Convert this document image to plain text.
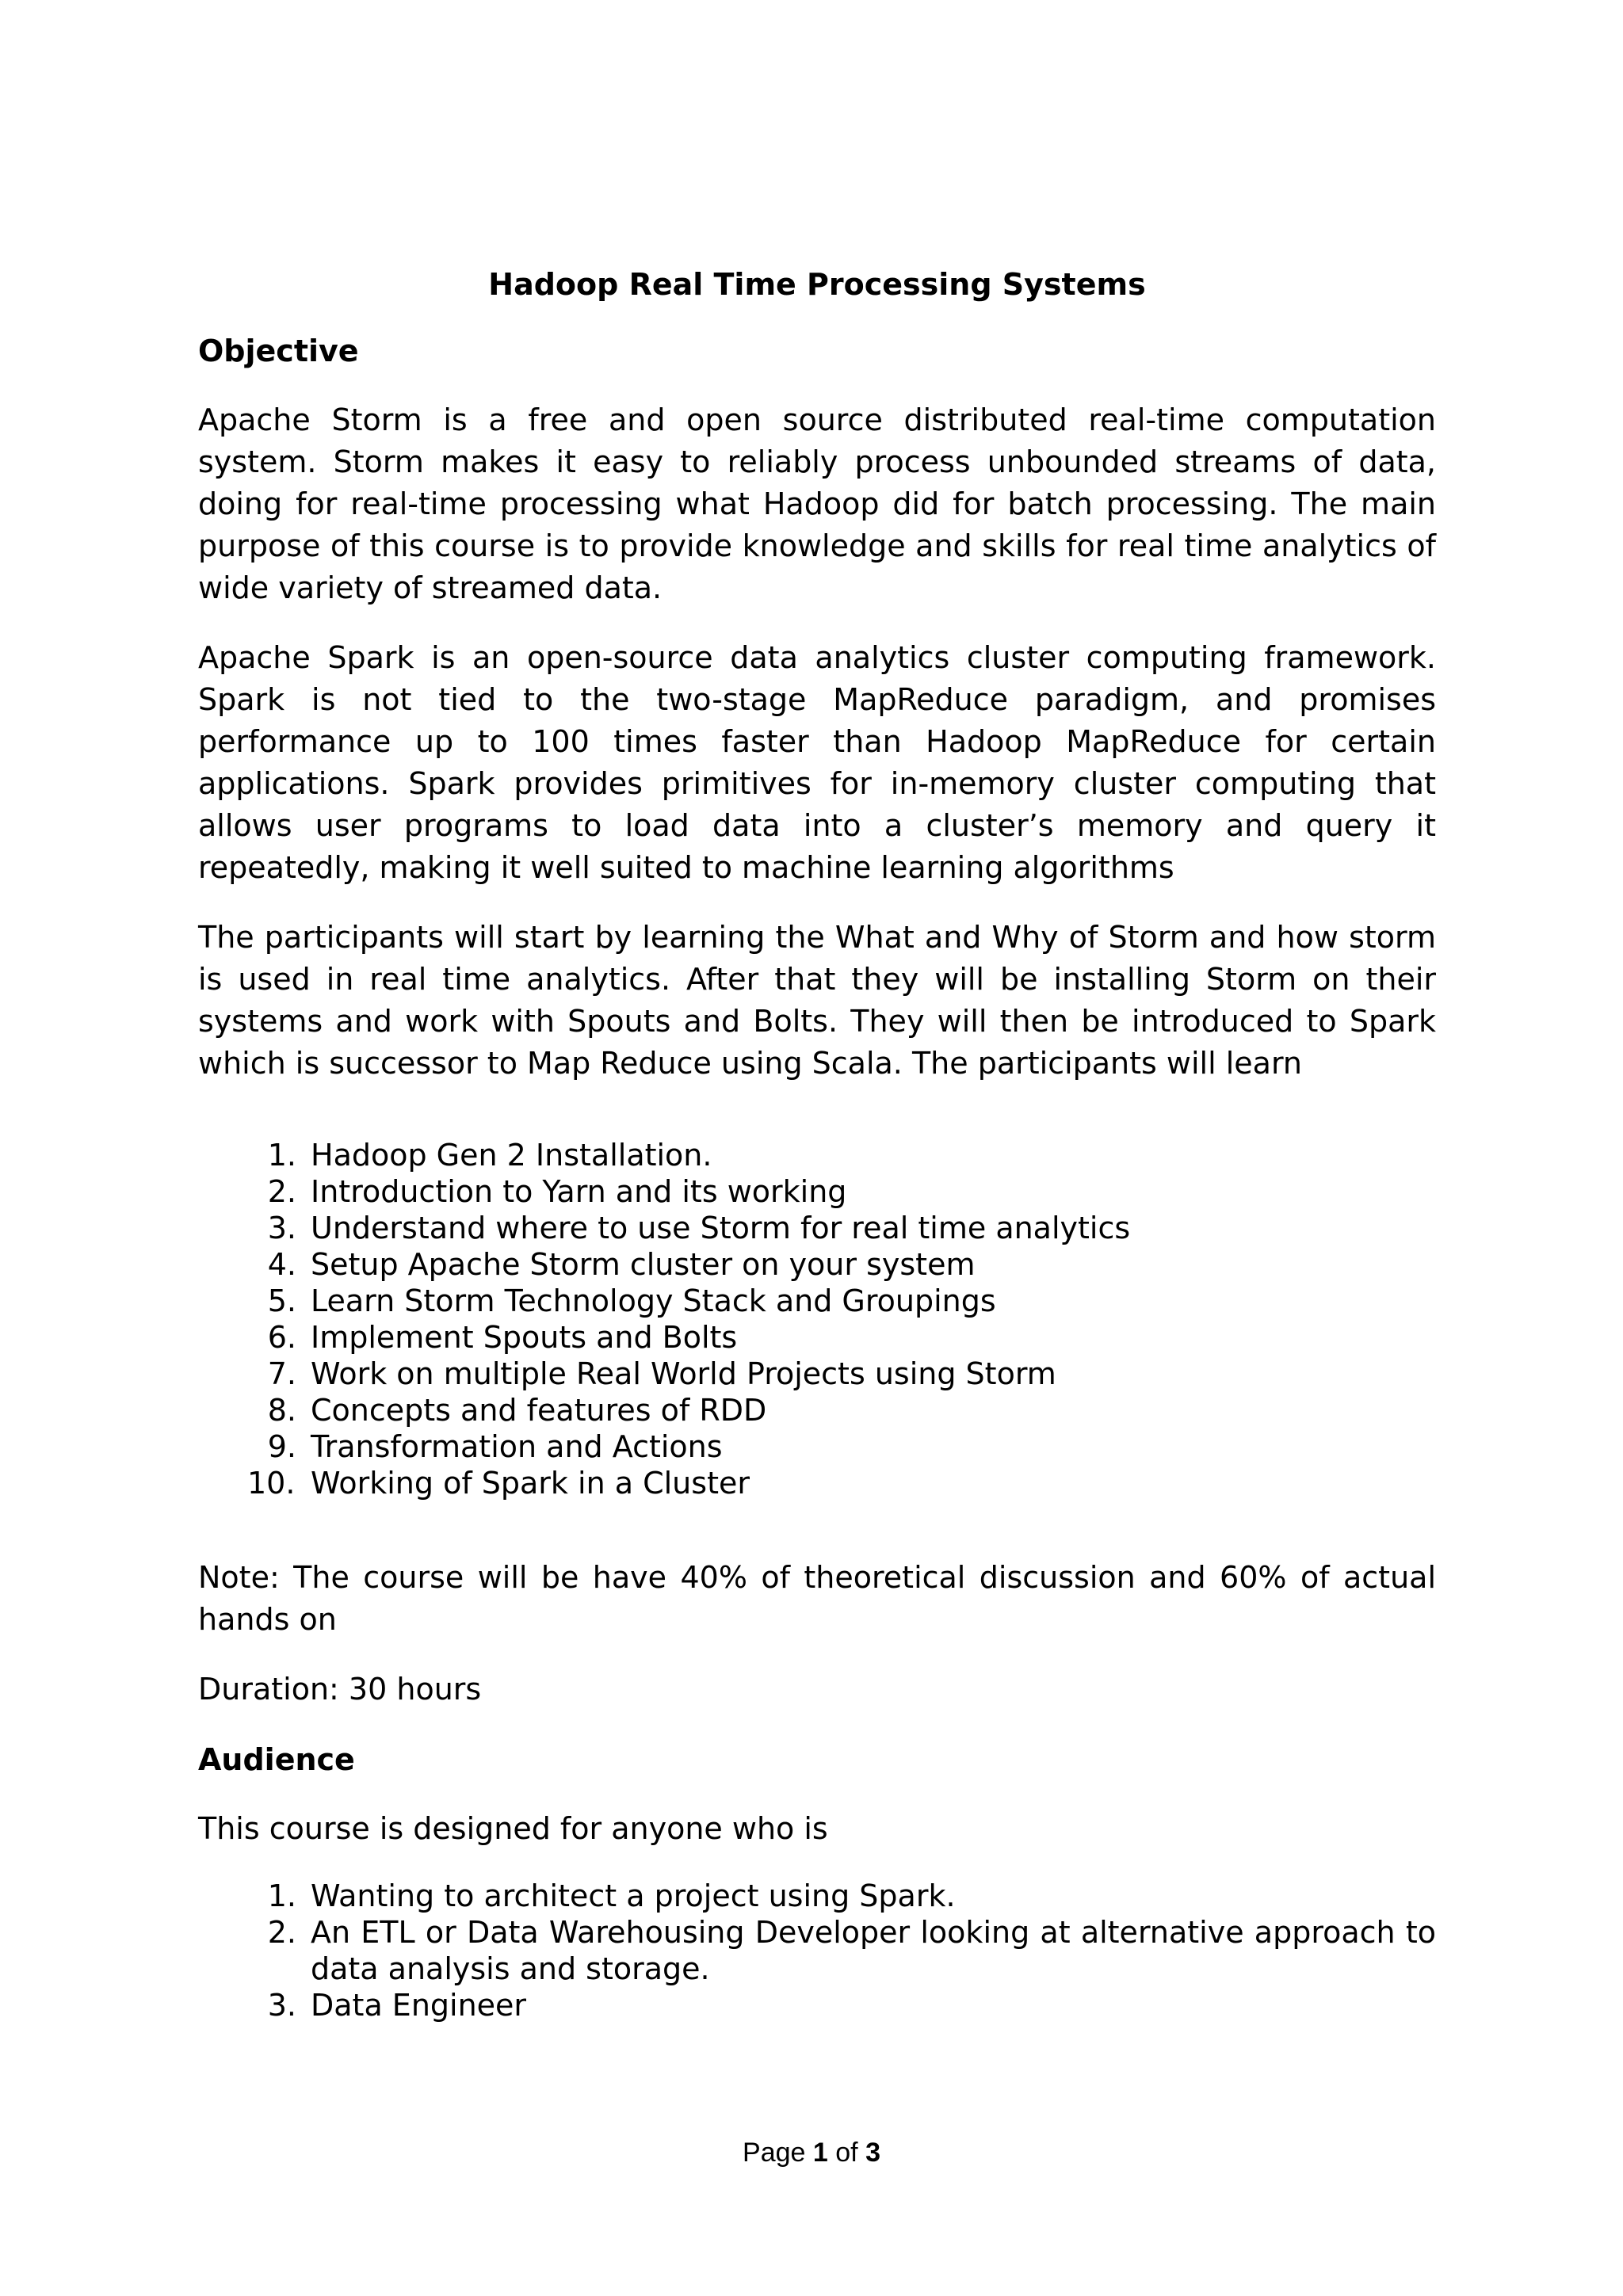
Hadoop Real Time Processing Systems
Objective

Apache Storm is a free and open source distributed real-time computation system. Storm makes it easy to reliably process unbounded streams of data, doing for real-time processing what Hadoop did for batch processing. The main purpose of this course is to provide knowledge and skills for real time analytics of wide variety of streamed data.

Apache Spark is an open-source data analytics cluster computing framework. Spark is not tied to the two-stage MapReduce paradigm, and promises performance up to 100 times faster than Hadoop MapReduce for certain applications. Spark provides primitives for in-memory cluster computing that allows user programs to load data into a cluster’s memory and query it repeatedly, making it well suited to machine learning algorithms

The participants will start by learning the What and Why of Storm and how storm is used in real time analytics. After that they will be installing Storm on their systems and work with Spouts and Bolts. They will then be introduced to Spark which is successor to Map Reduce using Scala. The participants will learn

1. Hadoop Gen 2 Installation.
2. Introduction to Yarn and its working
3. Understand where to use Storm for real time analytics
4. Setup Apache Storm cluster on your system
5. Learn Storm Technology Stack and Groupings
6. Implement Spouts and Bolts
7. Work on multiple Real World Projects using Storm
8. Concepts and features of RDD
9. Transformation and Actions
10. Working of Spark in a Cluster

Note: The course will be have 40% of theoretical discussion and 60% of actual hands on

Duration: 30 hours

Audience

This course is designed for anyone who is

1. Wanting to architect a project using Spark.
2. An ETL or Data Warehousing Developer looking at alternative approach to data analysis and storage.
3. Data Engineer
Page 1 of 3
